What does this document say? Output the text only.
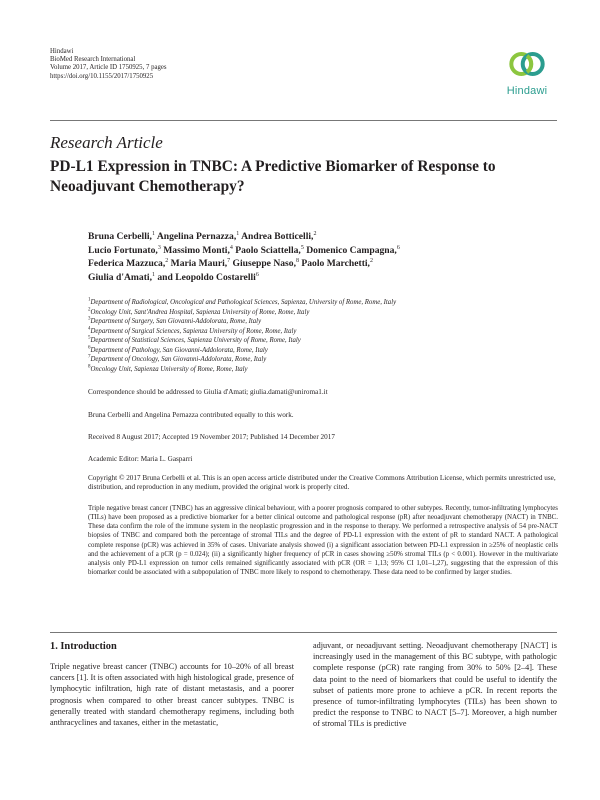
Hindawi
BioMed Research International
Volume 2017, Article ID 1750925, 7 pages
https://doi.org/10.1155/2017/1750925
Hindawi
Research Article
PD-L1 Expression in TNBC: A Predictive Biomarker of Response to Neoadjuvant Chemotherapy?
Bruna Cerbelli,$^1$ Angelina Pernazza,$^1$ Andrea Botticelli,$^2$
Lucio Fortunato,$^3$ Massimo Monti,$^4$ Paolo Sciattella,$^5$ Domenico Campagna,$^6$
Federica Mazzuca,$^2$ Maria Mauri,$^7$ Giuseppe Naso,$^8$ Paolo Marchetti,$^2$
Giulia d'Amati,$^1$ and Leopoldo Costarelli$^6$
$^1$Department of Radiological, Oncological and Pathological Sciences, Sapienza, University of Rome, Rome, Italy
$^2$Oncology Unit, Sant'Andrea Hospital, Sapienza University of Rome, Rome, Italy
$^3$Department of Surgery, San Giovanni-Addolorata, Rome, Italy
$^4$Department of Surgical Sciences, Sapienza University of Rome, Rome, Italy
$^5$Department of Statistical Sciences, Sapienza University of Rome, Rome, Italy
$^6$Department of Pathology, San Giovanni-Addolorata, Rome, Italy
$^7$Department of Oncology, San Giovanni-Addolorata, Rome, Italy
$^8$Oncology Unit, Sapienza University of Rome, Rome, Italy
Correspondence should be addressed to Giulia d'Amati; giulia.damati@uniroma1.it
Bruna Cerbelli and Angelina Pernazza contributed equally to this work.
Received 8 August 2017; Accepted 19 November 2017; Published 14 December 2017
Academic Editor: Maria L. Gasparri
Copyright © 2017 Bruna Cerbelli et al. This is an open access article distributed under the Creative Commons Attribution License, which permits unrestricted use, distribution, and reproduction in any medium, provided the original work is properly cited.
Triple negative breast cancer (TNBC) has an aggressive clinical behaviour, with a poorer prognosis compared to other subtypes. Recently, tumor-infiltrating lymphocytes (TILs) have been proposed as a predictive biomarker for a better clinical outcome and pathological response (pR) after neoadjuvant chemotherapy (NACT) in TNBC. These data confirm the role of the immune system in the neoplastic progression and in the response to therapy. We performed a retrospective analysis of 54 pre-NACT biopsies of TNBC and compared both the percentage of stromal TILs and the degree of PD-L1 expression with the extent of pR to standard NACT. A pathological complete response (pCR) was achieved in 35% of cases. Univariate analysis showed (i) a significant association between PD-L1 expression in ≥25% of neoplastic cells and the achievement of a pCR (p = 0.024); (ii) a significantly higher frequency of pCR in cases showing ≥50% stromal TILs (p < 0.001). However in the multivariate analysis only PD-L1 expression on tumor cells remained significantly associated with pCR (OR = 1,13; 95% CI 1,01–1,27), suggesting that the expression of this biomarker could be associated with a subpopulation of TNBC more likely to respond to chemotherapy. These data need to be confirmed by larger studies.
1. Introduction
Triple negative breast cancer (TNBC) accounts for 10–20% of all breast cancers [1]. It is often associated with high histological grade, presence of lymphocytic infiltration, high rate of distant metastasis, and a poorer prognosis when compared to other breast cancer subtypes. TNBC is generally treated with standard chemotherapy regimens, including both anthracyclines and taxanes, either in the metastatic,
adjuvant, or neoadjuvant setting. Neoadjuvant chemotherapy [NACT] is increasingly used in the management of this BC subtype, with pathologic complete response (pCR) rate ranging from 30% to 50% [2–4]. These data point to the need of biomarkers that could be useful to identify the subset of patients more prone to achieve a pCR. In recent reports the presence of tumor-infiltrating lymphocytes (TILs) has been shown to predict the response to TNBC to NACT [5–7]. Moreover, a high number of stromal TILs is predictive
